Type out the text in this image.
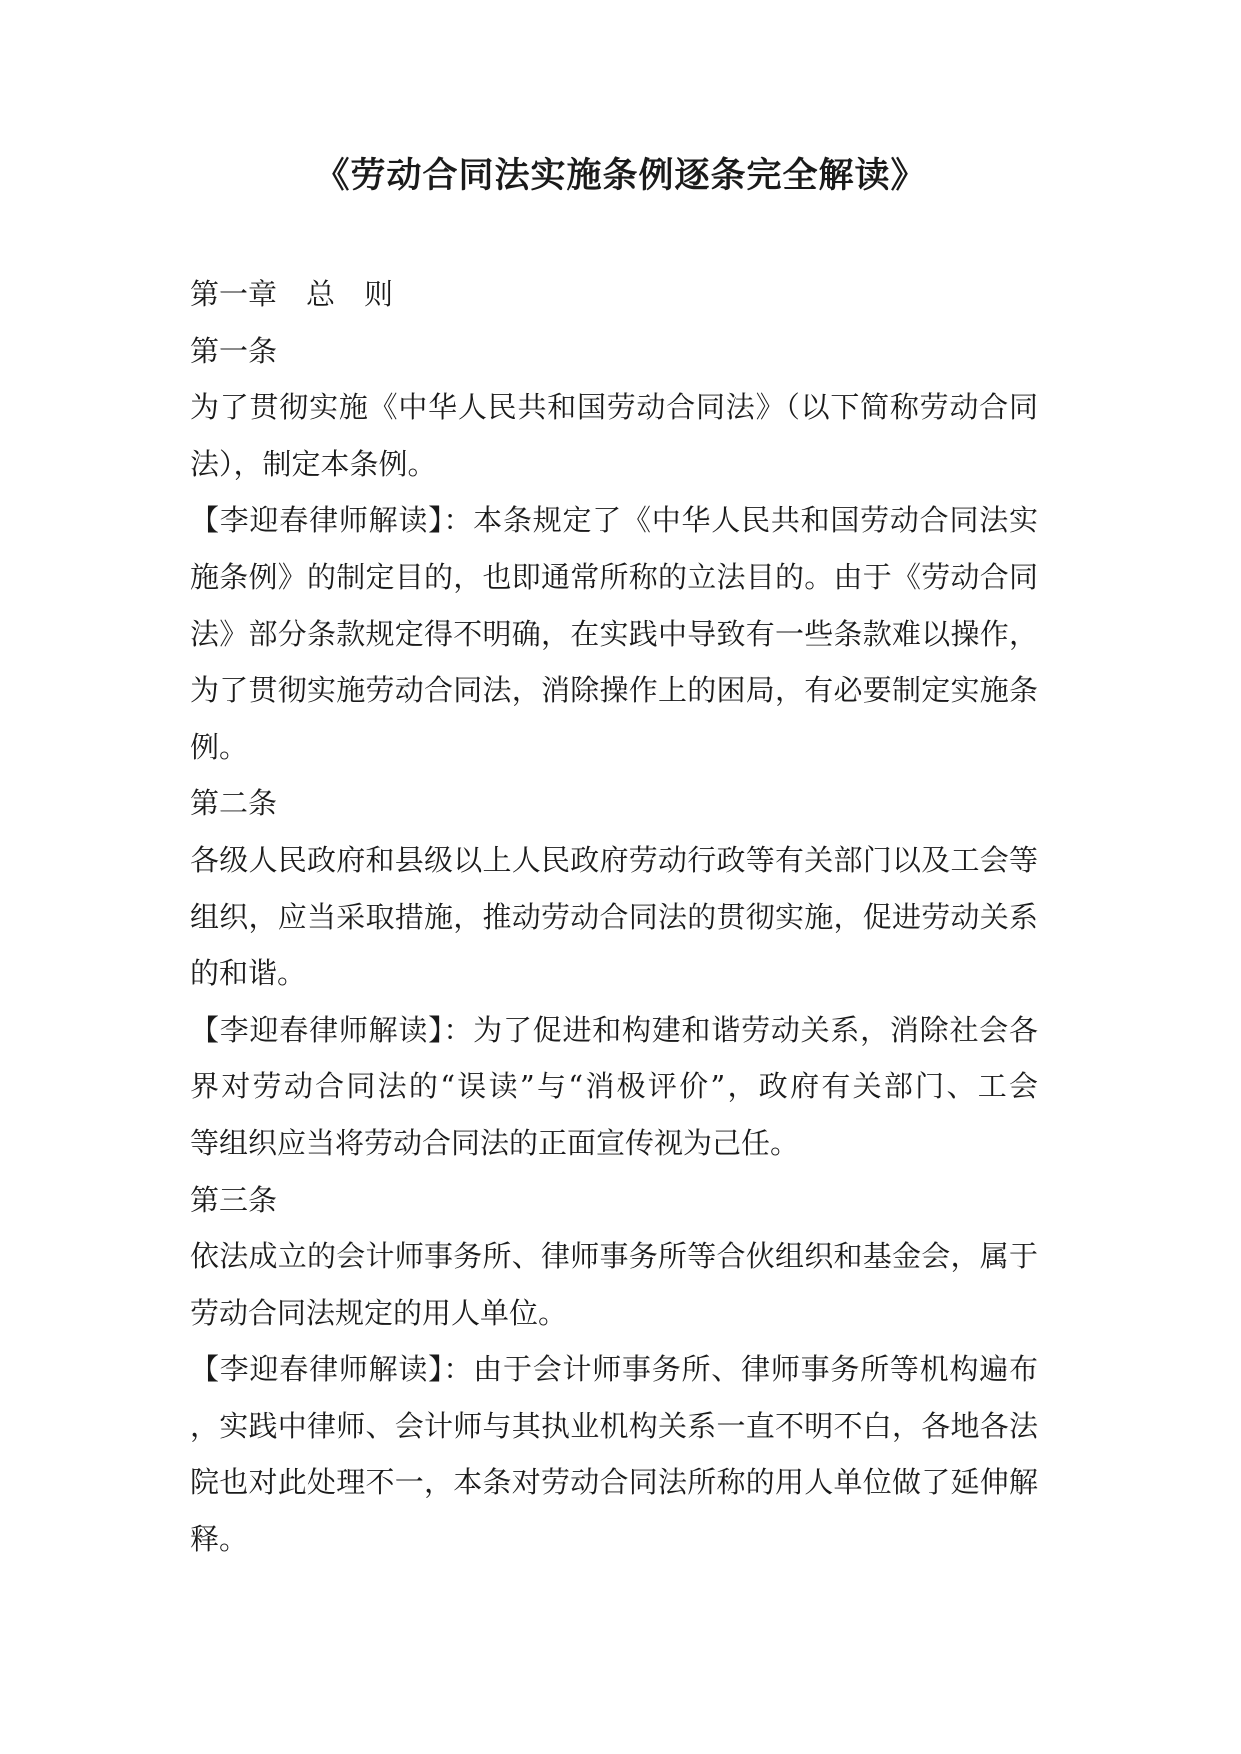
《劳动合同法实施条例逐条完全解读》
第一章　总　则
第一条
为了贯彻实施《中华人民共和国劳动合同法》（以下简称劳动合同
法），制定本条例。
【李迎春律师解读】：本条规定了《中华人民共和国劳动合同法实
施条例》的制定目的，也即通常所称的立法目的。由于《劳动合同
法》部分条款规定得不明确，在实践中导致有一些条款难以操作，
为了贯彻实施劳动合同法，消除操作上的困局，有必要制定实施条
例。
第二条
各级人民政府和县级以上人民政府劳动行政等有关部门以及工会等
组织，应当采取措施，推动劳动合同法的贯彻实施，促进劳动关系
的和谐。
【李迎春律师解读】：为了促进和构建和谐劳动关系，消除社会各
界对劳动合同法的“误读”与“消极评价”，政府有关部门、工会
等组织应当将劳动合同法的正面宣传视为己任。
第三条
依法成立的会计师事务所、律师事务所等合伙组织和基金会，属于
劳动合同法规定的用人单位。
【李迎春律师解读】：由于会计师事务所、律师事务所等机构遍布
，实践中律师、会计师与其执业机构关系一直不明不白，各地各法
院也对此处理不一，本条对劳动合同法所称的用人单位做了延伸解
释。
